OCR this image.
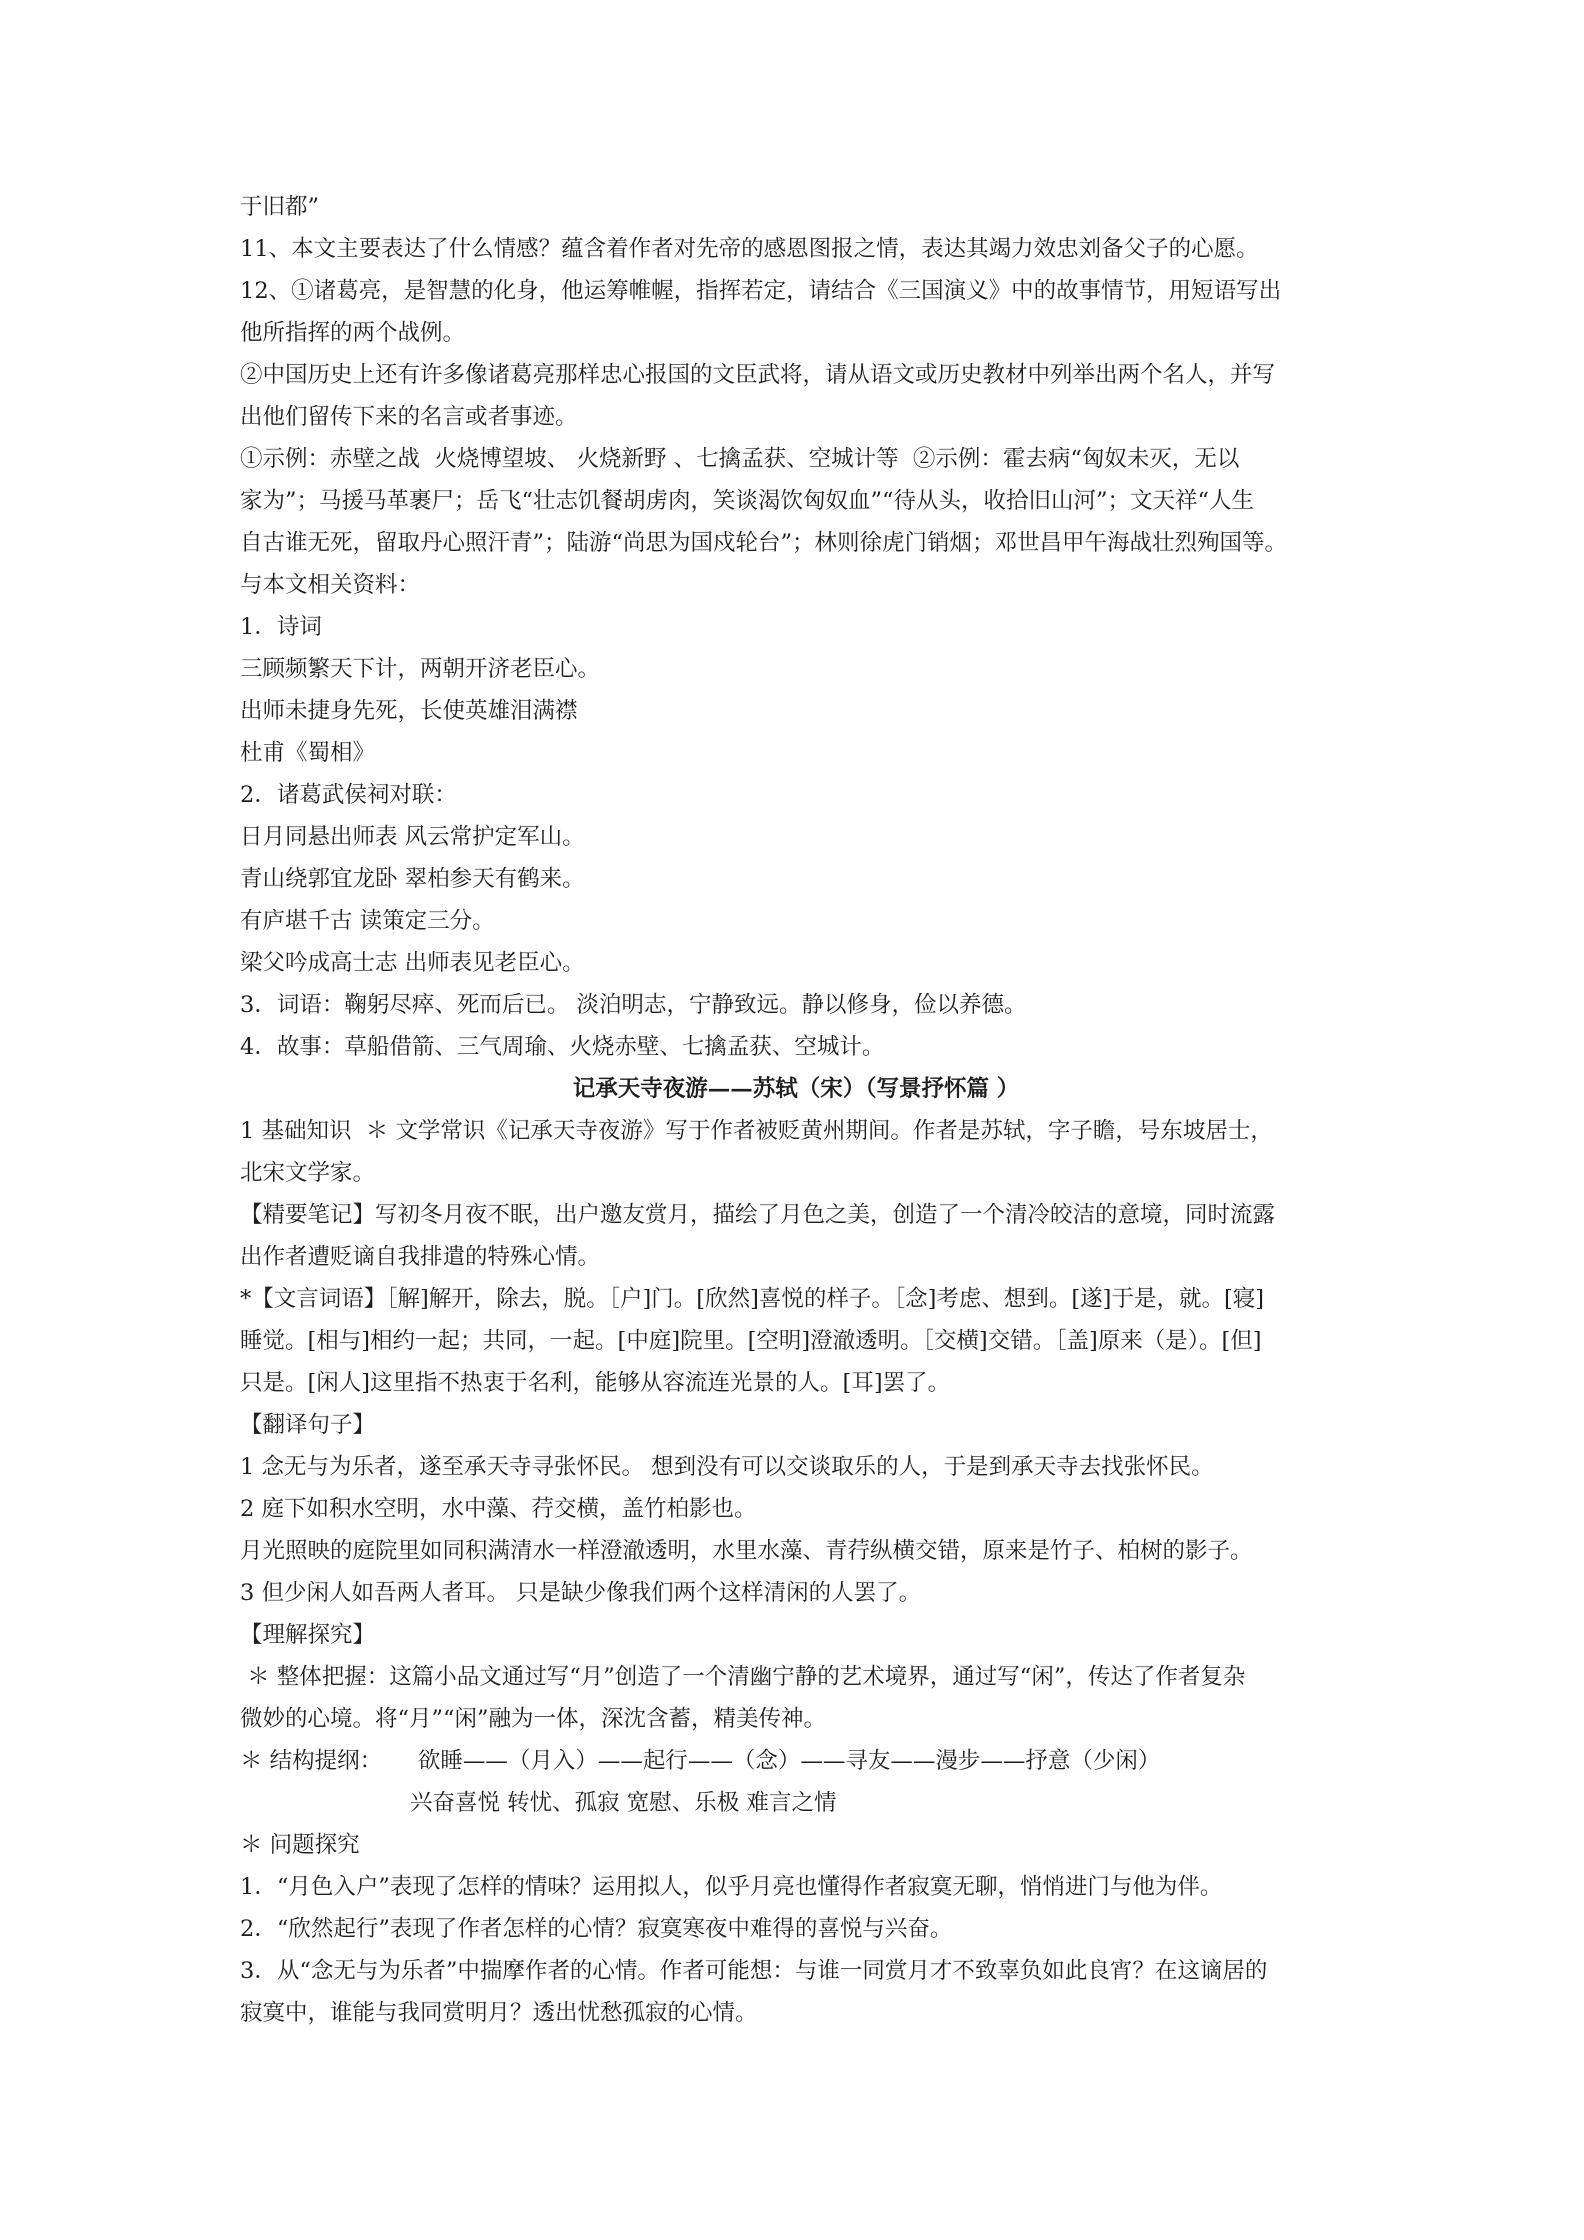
于旧都”
11、本文主要表达了什么情感？蕴含着作者对先帝的感恩图报之情，表达其竭力效忠刘备父子的心愿。
12、①诸葛亮，是智慧的化身，他运筹帷幄，指挥若定，请结合《三国演义》中的故事情节，用短语写出
他所指挥的两个战例。
②中国历史上还有许多像诸葛亮那样忠心报国的文臣武将，请从语文或历史教材中列举出两个名人，并写
出他们留传下来的名言或者事迹。
①示例：赤壁之战  火烧博望坡、 火烧新野 、七擒孟获、空城计等  ②示例：霍去病“匈奴未灭，无以
家为”；马援马革裹尸；岳飞“壮志饥餐胡虏肉，笑谈渴饮匈奴血”“待从头，收拾旧山河”；文天祥“人生
自古谁无死，留取丹心照汗青”；陆游“尚思为国戍轮台”；林则徐虎门销烟；邓世昌甲午海战壮烈殉国等。
与本文相关资料：
1．诗词
三顾频繁天下计，两朝开济老臣心。
出师未捷身先死，长使英雄泪满襟
杜甫《蜀相》
2．诸葛武侯祠对联：
日月同悬出师表 风云常护定军山。
青山绕郭宜龙卧 翠柏参天有鹤来。
有庐堪千古 读策定三分。
梁父吟成高士志 出师表见老臣心。
3．词语：鞠躬尽瘁、死而后已。 淡泊明志，宁静致远。静以修身，俭以养德。
4．故事：草船借箭、三气周瑜、火烧赤壁、七擒孟获、空城计。
记承天寺夜游——苏轼（宋）（写景抒怀篇 ）
1 基础知识  ＊ 文学常识《记承天寺夜游》写于作者被贬黄州期间。作者是苏轼，字子瞻，号东坡居士，
北宋文学家。
【精要笔记】写初冬月夜不眠，出户邀友赏月，描绘了月色之美，创造了一个清冷皎洁的意境，同时流露
出作者遭贬谪自我排遣的特殊心情。
*【文言词语】［解]解开，除去，脱。［户]门。[欣然]喜悦的样子。［念]考虑、想到。[遂]于是，就。[寝]
睡觉。[相与]相约一起；共同，一起。[中庭]院里。[空明]澄澈透明。［交横]交错。［盖]原来（是）。[但]
只是。[闲人]这里指不热衷于名利，能够从容流连光景的人。[耳]罢了。
【翻译句子】
1 念无与为乐者，遂至承天寺寻张怀民。 想到没有可以交谈取乐的人，于是到承天寺去找张怀民。
2 庭下如积水空明，水中藻、荇交横，盖竹柏影也。
月光照映的庭院里如同积满清水一样澄澈透明，水里水藻、青荇纵横交错，原来是竹子、柏树的影子。
3 但少闲人如吾两人者耳。 只是缺少像我们两个这样清闲的人罢了。
【理解探究】
＊ 整体把握：这篇小品文通过写“月”创造了一个清幽宁静的艺术境界，通过写“闲”，传达了作者复杂
微妙的心境。将“月”“闲”融为一体，深沈含蓄，精美传神。
＊ 结构提纲：     欲睡——（月入）——起行——（念）——寻友——漫步——抒意（少闲）
兴奋喜悦 转忧、孤寂 宽慰、乐极 难言之情
＊ 问题探究
1．“月色入户”表现了怎样的情味？运用拟人，似乎月亮也懂得作者寂寞无聊，悄悄进门与他为伴。
2．“欣然起行”表现了作者怎样的心情？寂寞寒夜中难得的喜悦与兴奋。
3．从“念无与为乐者”中揣摩作者的心情。作者可能想：与谁一同赏月才不致辜负如此良宵？在这谪居的
寂寞中，谁能与我同赏明月？透出忧愁孤寂的心情。
